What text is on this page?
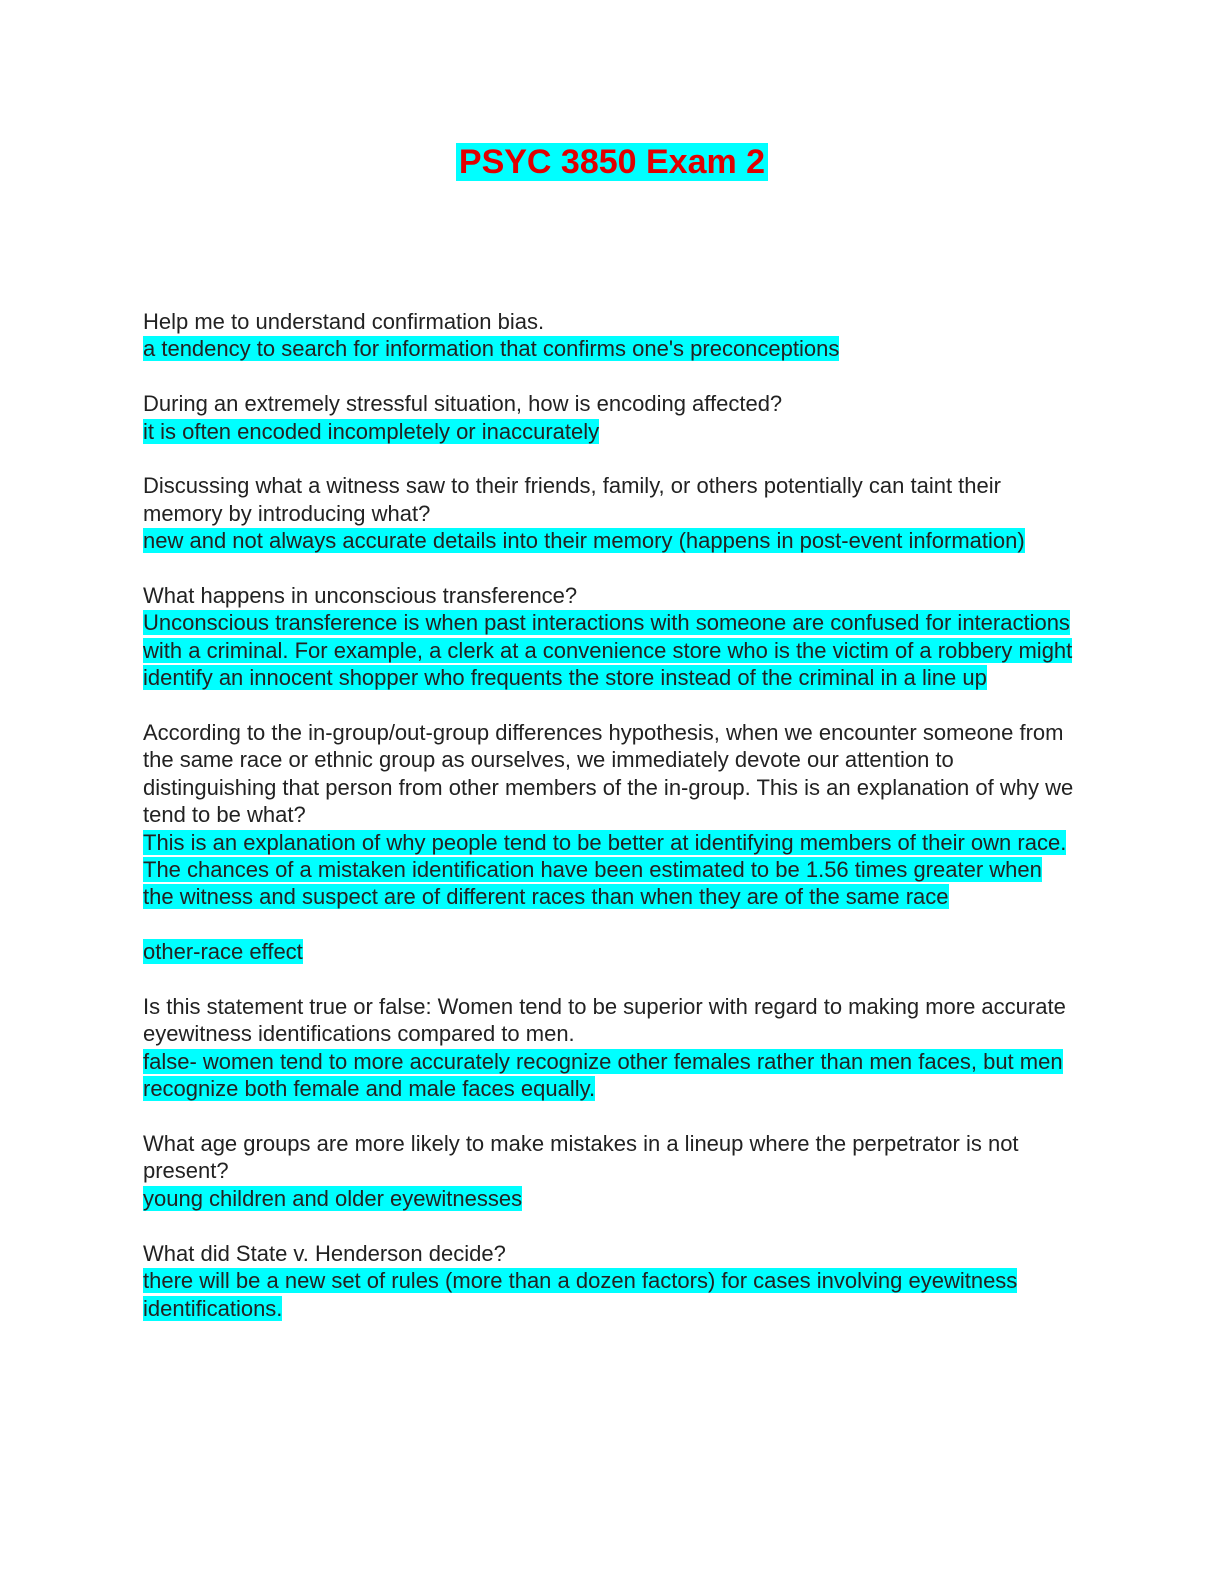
PSYC 3850 Exam 2
Help me to understand confirmation bias.
a tendency to search for information that confirms one's preconceptions
During an extremely stressful situation, how is encoding affected?
it is often encoded incompletely or inaccurately
Discussing what a witness saw to their friends, family, or others potentially can taint their memory by introducing what?
new and not always accurate details into their memory (happens in post-event information)
What happens in unconscious transference?
Unconscious transference is when past interactions with someone are confused for interactions with a criminal. For example, a clerk at a convenience store who is the victim of a robbery might identify an innocent shopper who frequents the store instead of the criminal in a line up
According to the in-group/out-group differences hypothesis, when we encounter someone from the same race or ethnic group as ourselves, we immediately devote our attention to distinguishing that person from other members of the in-group. This is an explanation of why we tend to be what?
This is an explanation of why people tend to be better at identifying members of their own race. The chances of a mistaken identification have been estimated to be 1.56 times greater when the witness and suspect are of different races than when they are of the same race
other-race effect
Is this statement true or false: Women tend to be superior with regard to making more accurate eyewitness identifications compared to men.
false- women tend to more accurately recognize other females rather than men faces, but men recognize both female and male faces equally.
What age groups are more likely to make mistakes in a lineup where the perpetrator is not present?
young children and older eyewitnesses
What did State v. Henderson decide?
there will be a new set of rules (more than a dozen factors) for cases involving eyewitness identifications.
